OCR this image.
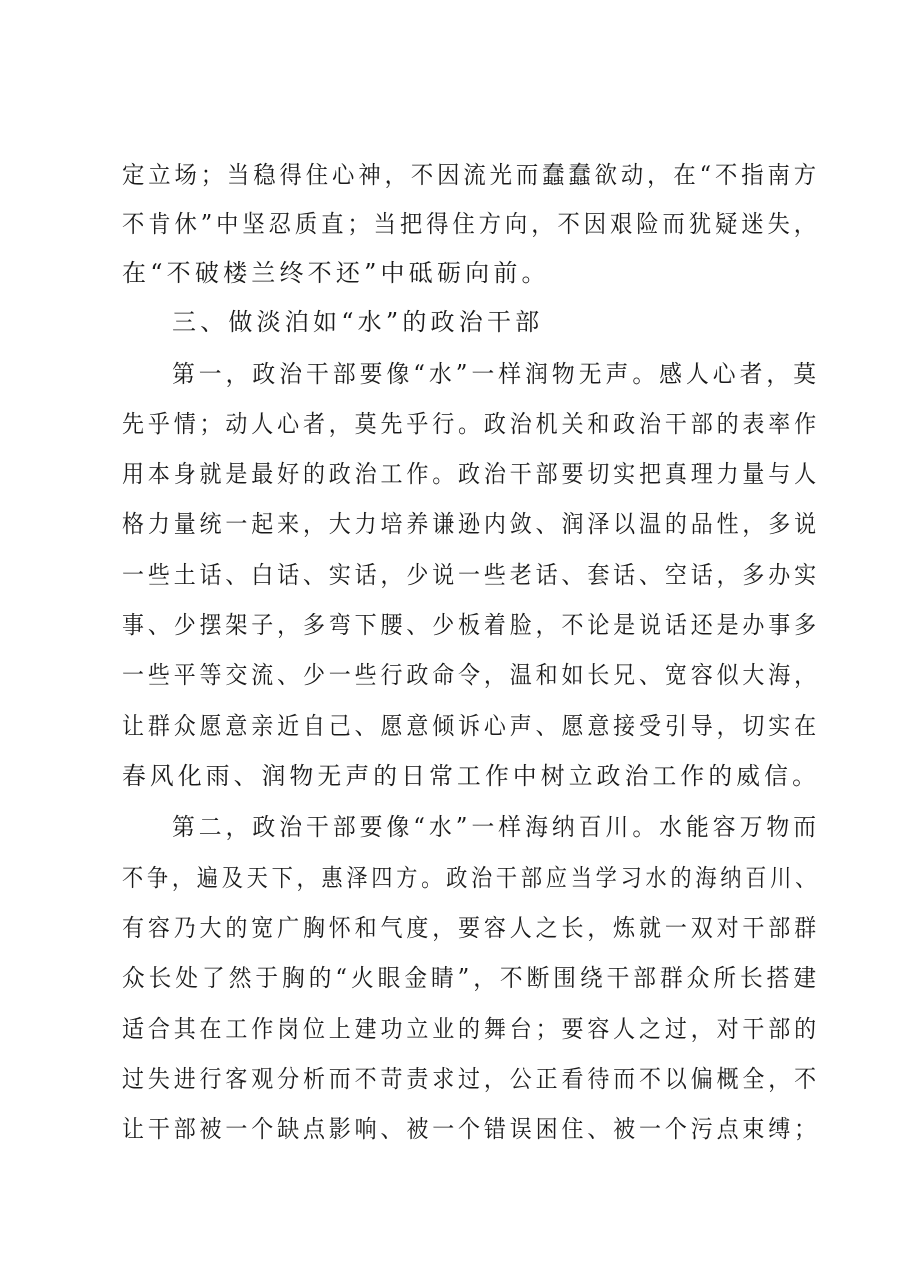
定立场；当稳得住心神，不因流光而蠢蠢欲动，在“不指南方
不肯休”中坚忍质直；当把得住方向，不因艰险而犹疑迷失，
在“不破楼兰终不还”中砥砺向前。
三、做淡泊如“水”的政治干部
第一，政治干部要像“水”一样润物无声。感人心者，莫
先乎情；动人心者，莫先乎行。政治机关和政治干部的表率作
用本身就是最好的政治工作。政治干部要切实把真理力量与人
格力量统一起来，大力培养谦逊内敛、润泽以温的品性，多说
一些土话、白话、实话，少说一些老话、套话、空话，多办实
事、少摆架子，多弯下腰、少板着脸，不论是说话还是办事多
一些平等交流、少一些行政命令，温和如长兄、宽容似大海，
让群众愿意亲近自己、愿意倾诉心声、愿意接受引导，切实在
春风化雨、润物无声的日常工作中树立政治工作的威信。
第二，政治干部要像“水”一样海纳百川。水能容万物而
不争，遍及天下，惠泽四方。政治干部应当学习水的海纳百川、
有容乃大的宽广胸怀和气度，要容人之长，炼就一双对干部群
众长处了然于胸的“火眼金睛”，不断围绕干部群众所长搭建
适合其在工作岗位上建功立业的舞台；要容人之过，对干部的
过失进行客观分析而不苛责求过，公正看待而不以偏概全，不
让干部被一个缺点影响、被一个错误困住、被一个污点束缚；
